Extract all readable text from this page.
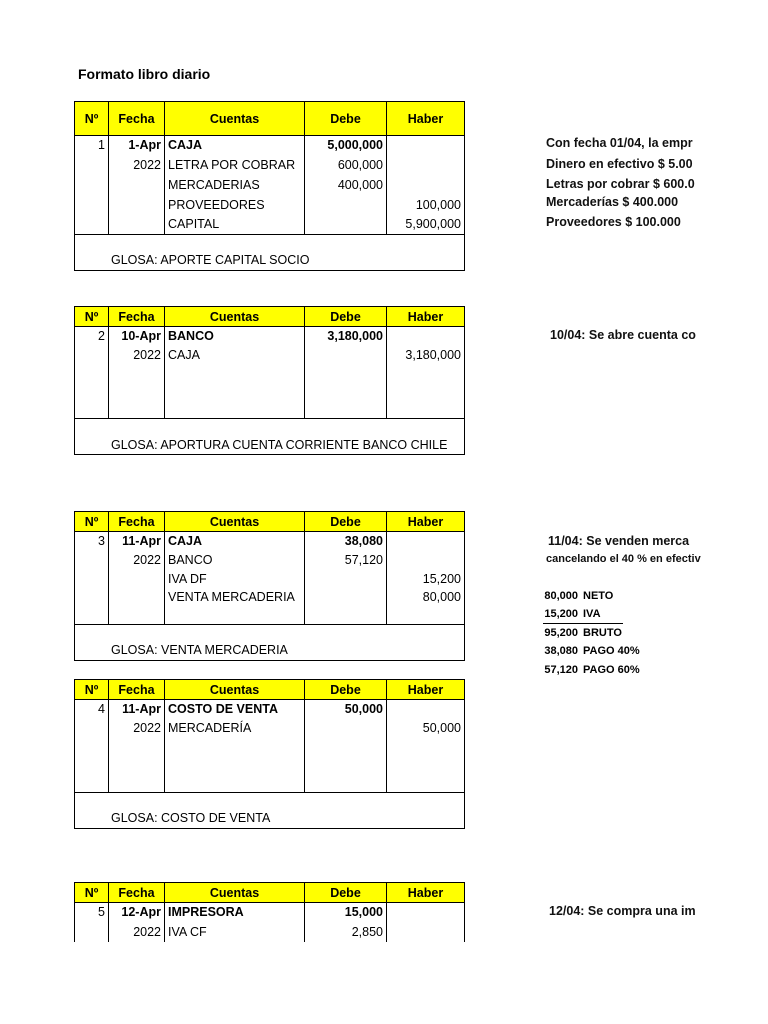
Formato libro diario
Nº	Fecha	Cuentas	Debe	Haber
1	1-Apr	CAJA	5,000,000	
	2022	LETRA POR COBRAR	600,000	
		MERCADERIAS	400,000	
		PROVEEDORES		100,000
		CAPITAL		5,900,000
GLOSA: APORTE CAPITAL SOCIO				
Nº	Fecha	Cuentas	Debe	Haber
2	10-Apr	BANCO	3,180,000	
	2022	CAJA		3,180,000

GLOSA: APORTURA CUENTA CORRIENTE BANCO CHILE				
Nº	Fecha	Cuentas	Debe	Haber
3	11-Apr	CAJA	38,080	
	2022	BANCO	57,120	
		IVA DF		15,200
		VENTA MERCADERIA		80,000

GLOSA: VENTA MERCADERIA				
Nº	Fecha	Cuentas	Debe	Haber
4	11-Apr	COSTO DE VENTA	50,000	
	2022	MERCADERÍA		50,000

GLOSA: COSTO DE VENTA				
Nº	Fecha	Cuentas	Debe	Haber
5	12-Apr	IMPRESORA	15,000	
	2022	IVA CF	2,850	
Con fecha 01/04, la empr
Dinero en efectivo $ 5.00
Letras por cobrar $ 600.0
Mercaderías $ 400.000
Proveedores $ 100.000
10/04: Se abre cuenta co
11/04: Se venden merca
cancelando el 40 % en efectiv
80,000 NETO
15,200 IVA
95,200 BRUTO
38,080 PAGO 40%
57,120 PAGO 60%
12/04: Se compra una im
